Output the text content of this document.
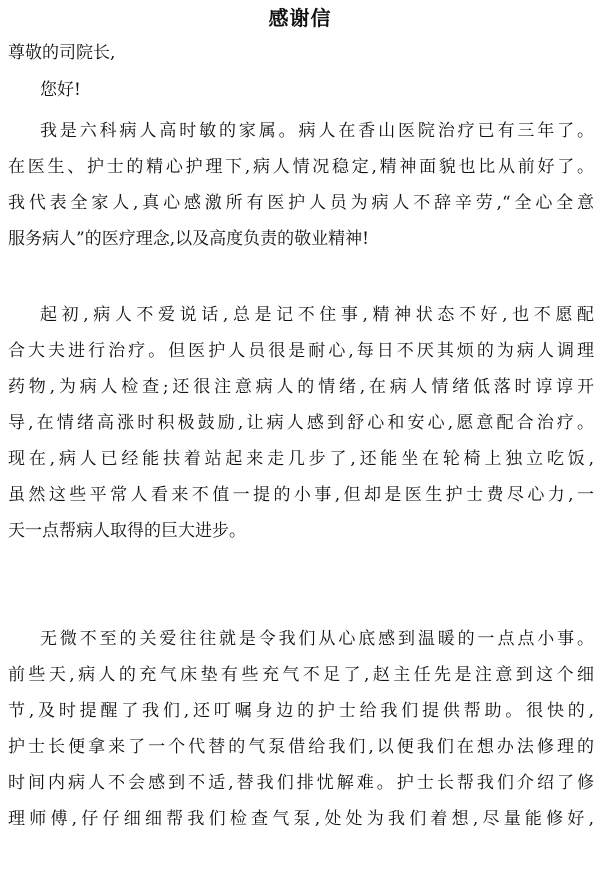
感谢信
尊敬的司院长,
您好!
我是六科病人高时敏的家属。病人在香山医院治疗已有三年了。
在医生、护士的精心护理下,病人情况稳定,精神面貌也比从前好了。
我代表全家人,真心感激所有医护人员为病人不辞辛劳,“全心全意
服务病人”的医疗理念,以及高度负责的敬业精神!
起初,病人不爱说话,总是记不住事,精神状态不好,也不愿配
合大夫进行治疗。但医护人员很是耐心,每日不厌其烦的为病人调理
药物,为病人检查;还很注意病人的情绪,在病人情绪低落时谆谆开
导,在情绪高涨时积极鼓励,让病人感到舒心和安心,愿意配合治疗。
现在,病人已经能扶着站起来走几步了,还能坐在轮椅上独立吃饭,
虽然这些平常人看来不值一提的小事,但却是医生护士费尽心力,一
天一点帮病人取得的巨大进步。
无微不至的关爱往往就是令我们从心底感到温暖的一点点小事。
前些天,病人的充气床垫有些充气不足了,赵主任先是注意到这个细
节,及时提醒了我们,还叮嘱身边的护士给我们提供帮助。很快的,
护士长便拿来了一个代替的气泵借给我们,以便我们在想办法修理的
时间内病人不会感到不适,替我们排忧解难。护士长帮我们介绍了修
理师傅,仔仔细细帮我们检查气泵,处处为我们着想,尽量能修好,
